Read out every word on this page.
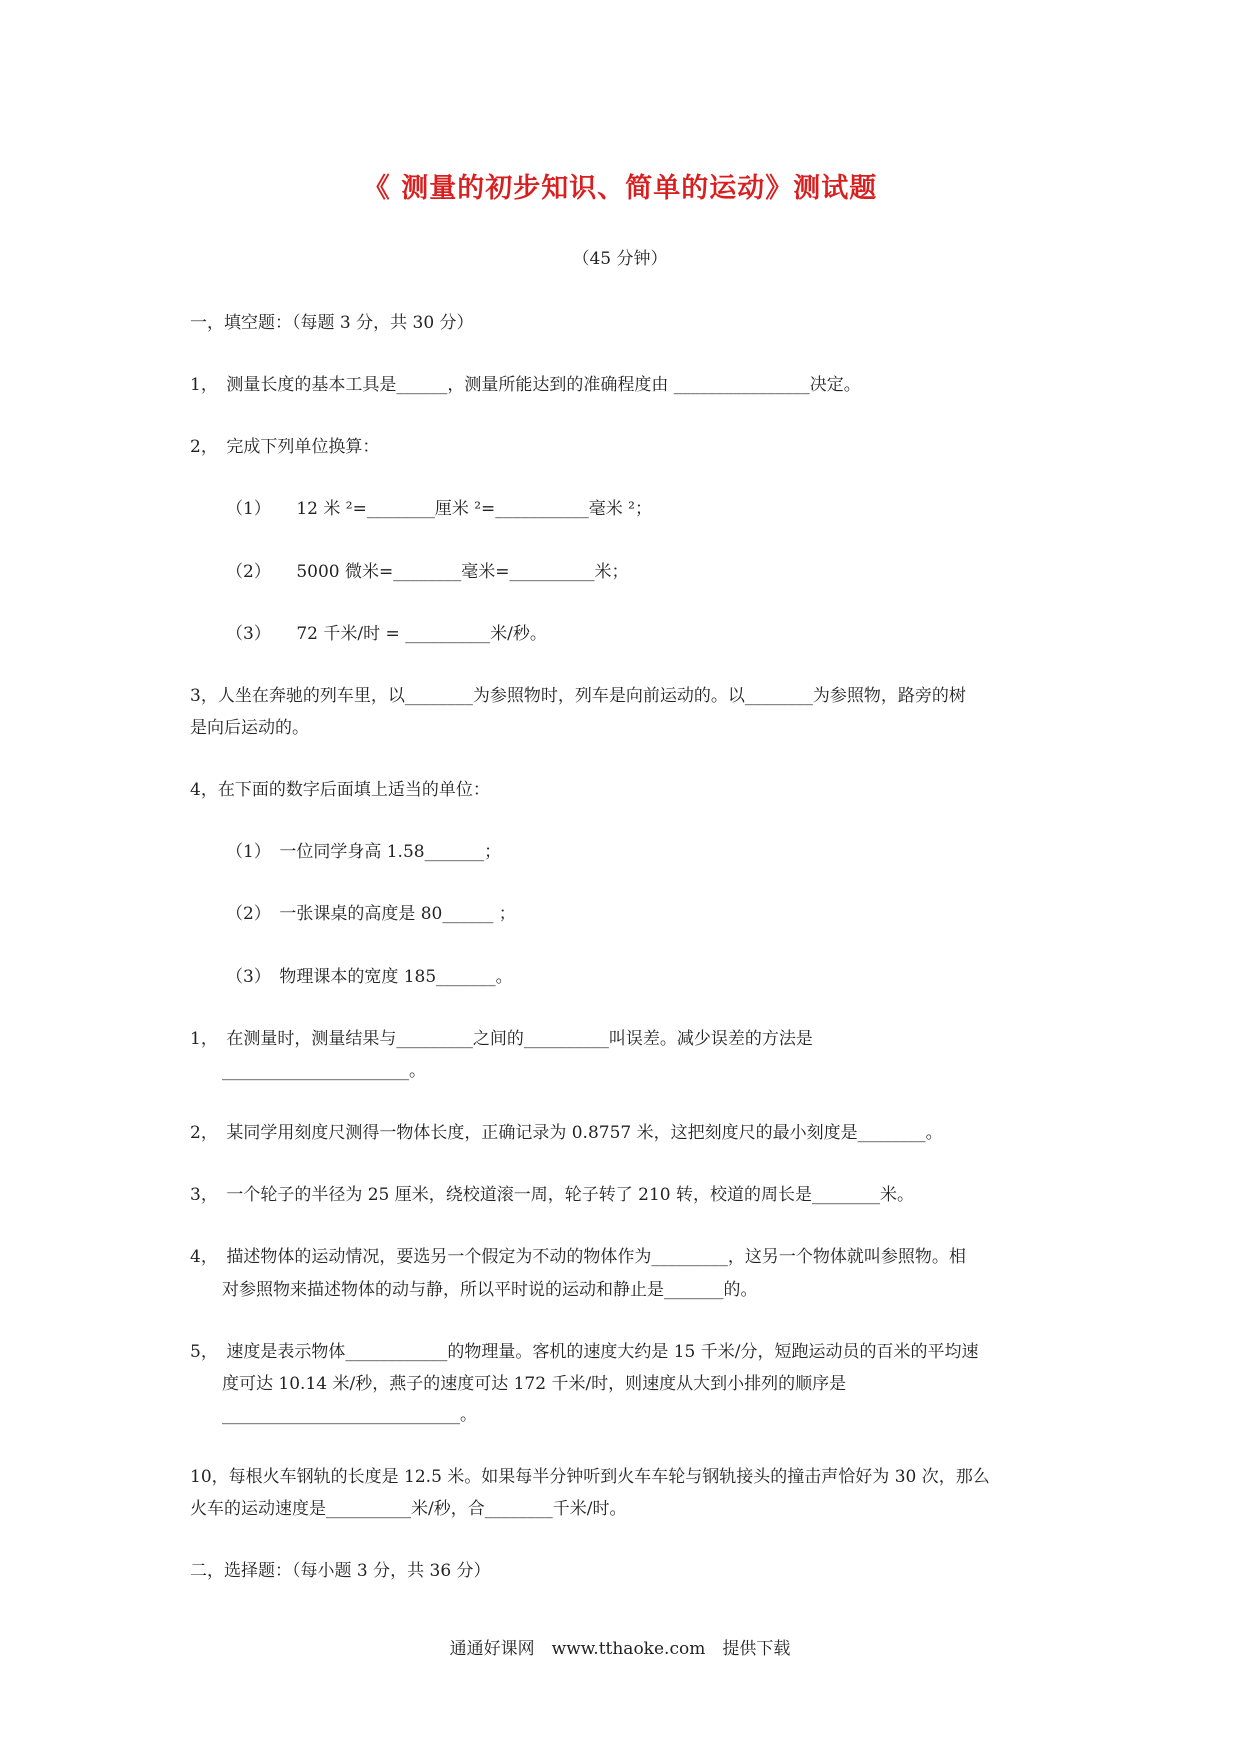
《 测量的初步知识、简单的运动》测试题
（45 分钟）
一，填空题：（每题 3 分，共 30 分）
1，　测量长度的基本工具是______，测量所能达到的准确程度由 ________________决定。
2，　完成下列单位换算：
（1）　　12 米 ²=________厘米 ²=___________毫米 ²；
（2）　　5000 微米=________毫米=__________米；
（3）　　72 千米/时 = __________米/秒。
3，人坐在奔驰的列车里，以________为参照物时，列车是向前运动的。以________为参照物，路旁的树
是向后运动的。
4，在下面的数字后面填上适当的单位：
（1）　一位同学身高 1.58_______；
（2）　一张课桌的高度是 80______ ；
（3）　物理课本的宽度 185_______。
1，　在测量时，测量结果与_________之间的__________叫误差。减少误差的方法是
______________________。
2，　某同学用刻度尺测得一物体长度，正确记录为 0.8757 米，这把刻度尺的最小刻度是________。
3，　一个轮子的半径为 25 厘米，绕校道滚一周，轮子转了 210 转，校道的周长是________米。
4，　描述物体的运动情况，要选另一个假定为不动的物体作为_________，这另一个物体就叫参照物。相
对参照物来描述物体的动与静，所以平时说的运动和静止是_______的。
5，　速度是表示物体____________的物理量。客机的速度大约是 15 千米/分，短跑运动员的百米的平均速
度可达 10.14 米/秒，燕子的速度可达 172 千米/时，则速度从大到小排列的顺序是
____________________________。
10，每根火车钢轨的长度是 12.5 米。如果每半分钟听到火车车轮与钢轨接头的撞击声恰好为 30 次，那么
火车的运动速度是__________米/秒，合________千米/时。
二，选择题：（每小题 3 分，共 36 分）
通通好课网　www.tthaoke.com　提供下载
